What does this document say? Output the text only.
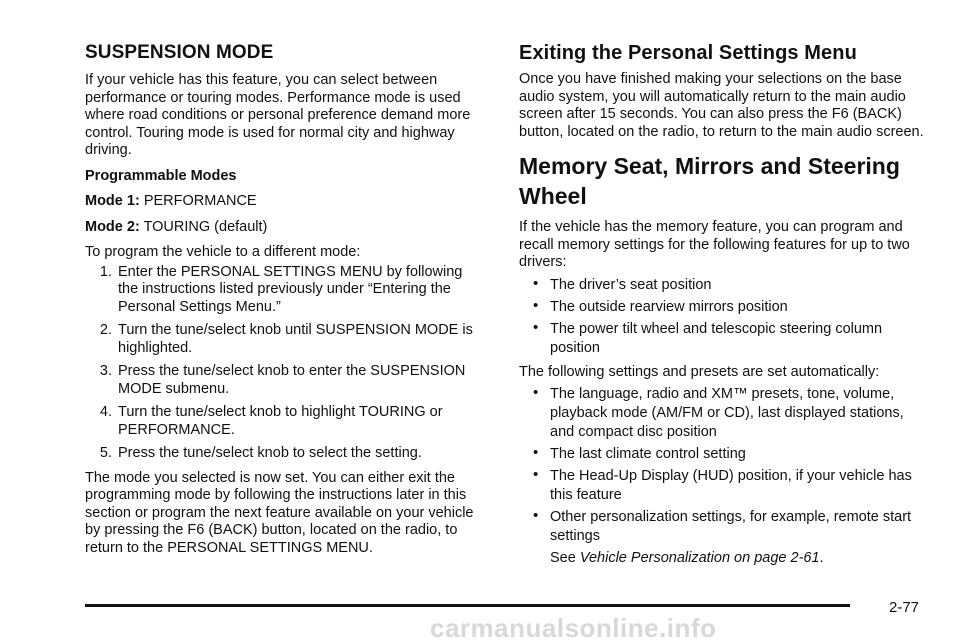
SUSPENSION MODE

If your vehicle has this feature, you can select between performance or touring modes. Performance mode is used where road conditions or personal preference demand more control. Touring mode is used for normal city and highway driving.

Programmable Modes

Mode 1: PERFORMANCE

Mode 2: TOURING (default)

To program the vehicle to a different mode:

1. Enter the PERSONAL SETTINGS MENU by following the instructions listed previously under “Entering the Personal Settings Menu.”
2. Turn the tune/select knob until SUSPENSION MODE is highlighted.
3. Press the tune/select knob to enter the SUSPENSION MODE submenu.
4. Turn the tune/select knob to highlight TOURING or PERFORMANCE.
5. Press the tune/select knob to select the setting.

The mode you selected is now set. You can either exit the programming mode by following the instructions later in this section or program the next feature available on your vehicle by pressing the F6 (BACK) button, located on the radio, to return to the PERSONAL SETTINGS MENU.

Exiting the Personal Settings Menu

Once you have finished making your selections on the base audio system, you will automatically return to the main audio screen after 15 seconds. You can also press the F6 (BACK) button, located on the radio, to return to the main audio screen.

Memory Seat, Mirrors and Steering Wheel

If the vehicle has the memory feature, you can program and recall memory settings for the following features for up to two drivers:

• The driver’s seat position
• The outside rearview mirrors position
• The power tilt wheel and telescopic steering column position

The following settings and presets are set automatically:

• The language, radio and XM™ presets, tone, volume, playback mode (AM/FM or CD), last displayed stations, and compact disc position
• The last climate control setting
• The Head-Up Display (HUD) position, if your vehicle has this feature
• Other personalization settings, for example, remote start settings
See Vehicle Personalization on page 2-61.
2-77
carmanualsonline.info
